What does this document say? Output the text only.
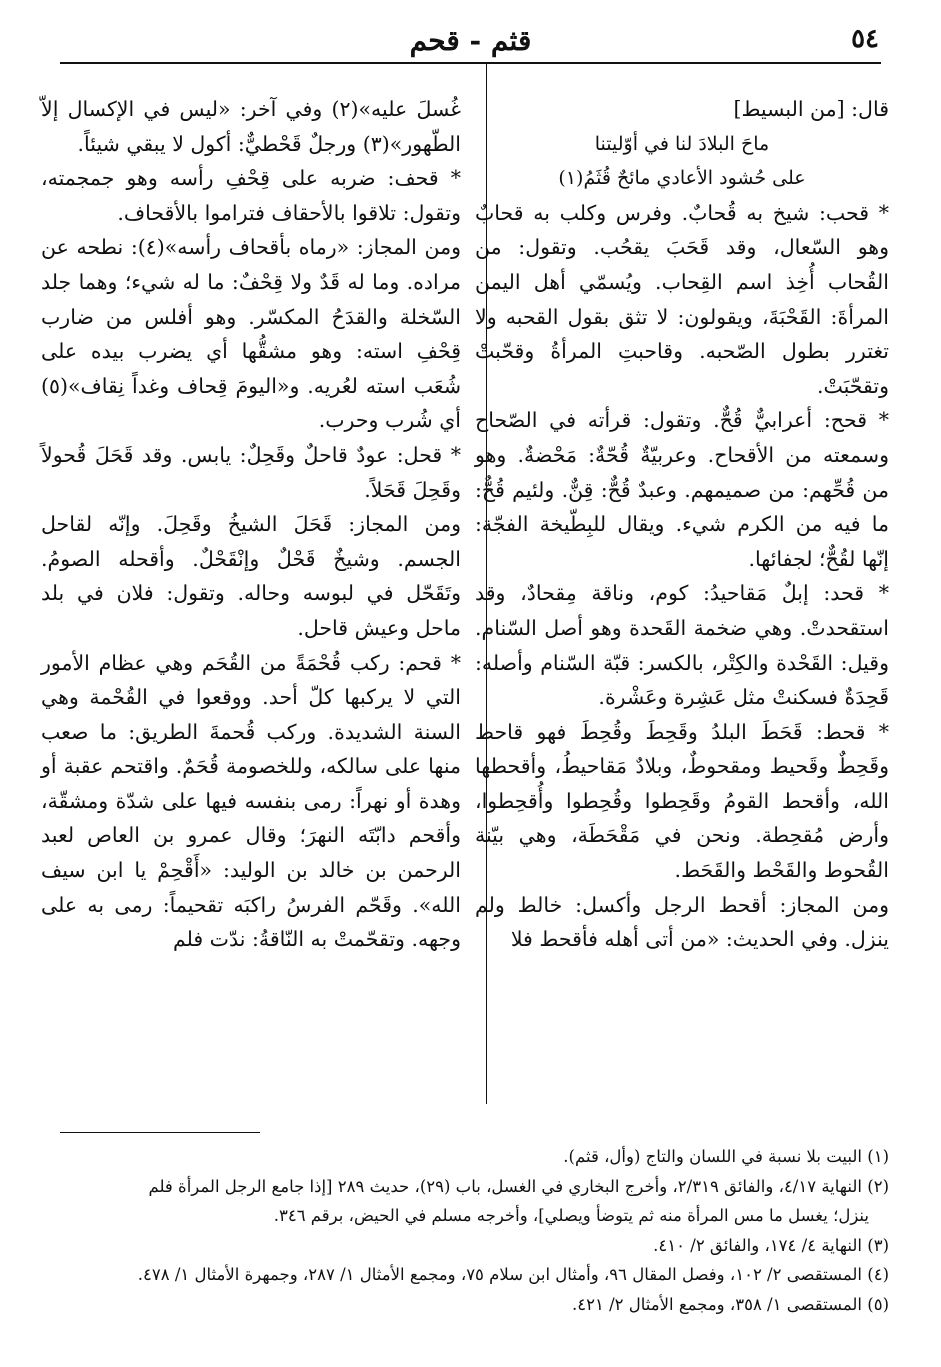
٥٤
قثم - قحم

قال: [من البسيط]

ماحَ البلادَ لنا في أوّليتنا

على حُشود الأعادي مائحٌ قُثَمُ(١)

* قحب: شيخ به قُحابٌ. وفرس وكلب به قحابٌ وهو السّعال، وقد قَحَبَ يقحُب. وتقول: من القُحاب أُخِذ اسم القِحاب. ويُسمّي أهل اليمن المرأةَ: القَحْبَةَ، ويقولون: لا تثق بقول القحبه ولا تغترر بطول الصّحبه. وقاحبتِ المرأةُ وقحّبتْ وتقحّبَتْ.

* قحح: أعرابيٌّ قُحٌّ. وتقول: قرأته في الصّحاح وسمعته من الأقحاح. وعربيّةٌ قُحّةٌ: مَحْضةٌ. وهو من قُحِّهم: من صميمهم. وعبدٌ قُحٌّ: قِنٌّ. ولئيم قُحٌّ: ما فيه من الكرم شيء. ويقال للبِطّيخة الفجّة: إنّها لقُحٌّ؛ لجفائها.

* قحد: إبلٌ مَقاحيدُ: كوم، وناقة مِقحادٌ، وقد استقحدتْ. وهي ضخمة القَحدة وهو أصل السّنام. وقيل: القَحْدة والكِتْر، بالكسر: قبّة السّنام وأصله: قَحِدَةٌ فسكنتْ مثل عَشِرة وعَشْرة.

* قحط: قَحَطَ البلدُ وقَحِطَ وقُحِطَ فهو قاحط وقَحِطٌ وقَحيط ومقحوطٌ، وبلادٌ مَقاحيطُ، وأقحطها الله، وأقحط القومُ وقَحِطوا وقُحِطوا وأُقحِطوا، وأرض مُقحِطة. ونحن في مَقْحَطَة، وهي بيّنة القُحوط والقَحْط والقَحَط.

ومن المجاز: أقحط الرجل وأكسل: خالط ولم ينزل. وفي الحديث: «من أتى أهله فأقحط فلا

غُسلَ عليه»(٢) وفي آخر: «ليس في الإكسال إلاّ الطّهور»(٣) ورجلٌ قَحْطيٌّ: أكول لا يبقي شيئاً.

* قحف: ضربه على قِحْفِ رأسه وهو جمجمته، وتقول: تلاقوا بالأحقاف فتراموا بالأقحاف.

ومن المجاز: «رماه بأقحاف رأسه»(٤): نطحه عن مراده. وما له قَدٌ ولا قِحْفٌ: ما له شيء؛ وهما جلد السّخلة والقدَحُ المكسّر. وهو أفلس من ضارب قِحْفِ استه: وهو مشقُّها أي يضرب بيده على شُعَب استه لعُريه. و«اليومَ قِحاف وغداً نِقاف»(٥) أي شُرب وحرب.

* قحل: عودٌ قاحلٌ وقَحِلٌ: يابس. وقد قَحَلَ قُحولاً وقَحِلَ قَحَلاً.

ومن المجاز: قَحَلَ الشيخُ وقَحِلَ. وإنّه لقاحل الجسم. وشيخٌ قَحْلٌ وإنْقَحْلٌ. وأقحله الصومُ. وتَقَحّل في لبوسه وحاله. وتقول: فلان في بلد ماحل وعيش قاحل.

* قحم: ركب قُحْمَةً من القُحَم وهي عظام الأمور التي لا يركبها كلّ أحد. ووقعوا في القُحْمة وهي السنة الشديدة. وركب قُحمةَ الطريق: ما صعب منها على سالكه، وللخصومة قُحَمٌ. واقتحم عقبة أو وهدة أو نهراً: رمى بنفسه فيها على شدّة ومشقّة، وأقحم دابّتَه النهرَ؛ وقال عمرو بن العاص لعبد الرحمن بن خالد بن الوليد: «أَقْحِمْ يا ابن سيف الله». وقَحّم الفرسُ راكبَه تقحيماً: رمى به على وجهه. وتقحّمتْ به النّاقةُ: ندّت فلم

(١) البيت بلا نسبة في اللسان والتاج (وأل، قثم).

(٢) النهاية ٤/١٧، والفائق ٢/٣١٩، وأخرج البخاري في الغسل، باب (٢٩)، حديث ٢٨٩ [إذا جامع الرجل المرأة فلم

ينزل؛ يغسل ما مس المرأة منه ثم يتوضأ ويصلي]، وأخرجه مسلم في الحيض، برقم ٣٤٦.

(٣) النهاية ٤/ ١٧٤، والفائق ٢/ ٤١٠.

(٤) المستقصى ٢/ ١٠٢، وفصل المقال ٩٦، وأمثال ابن سلام ٧٥، ومجمع الأمثال ١/ ٢٨٧، وجمهرة الأمثال ١/ ٤٧٨.

(٥) المستقصى ١/ ٣٥٨، ومجمع الأمثال ٢/ ٤٢١.
